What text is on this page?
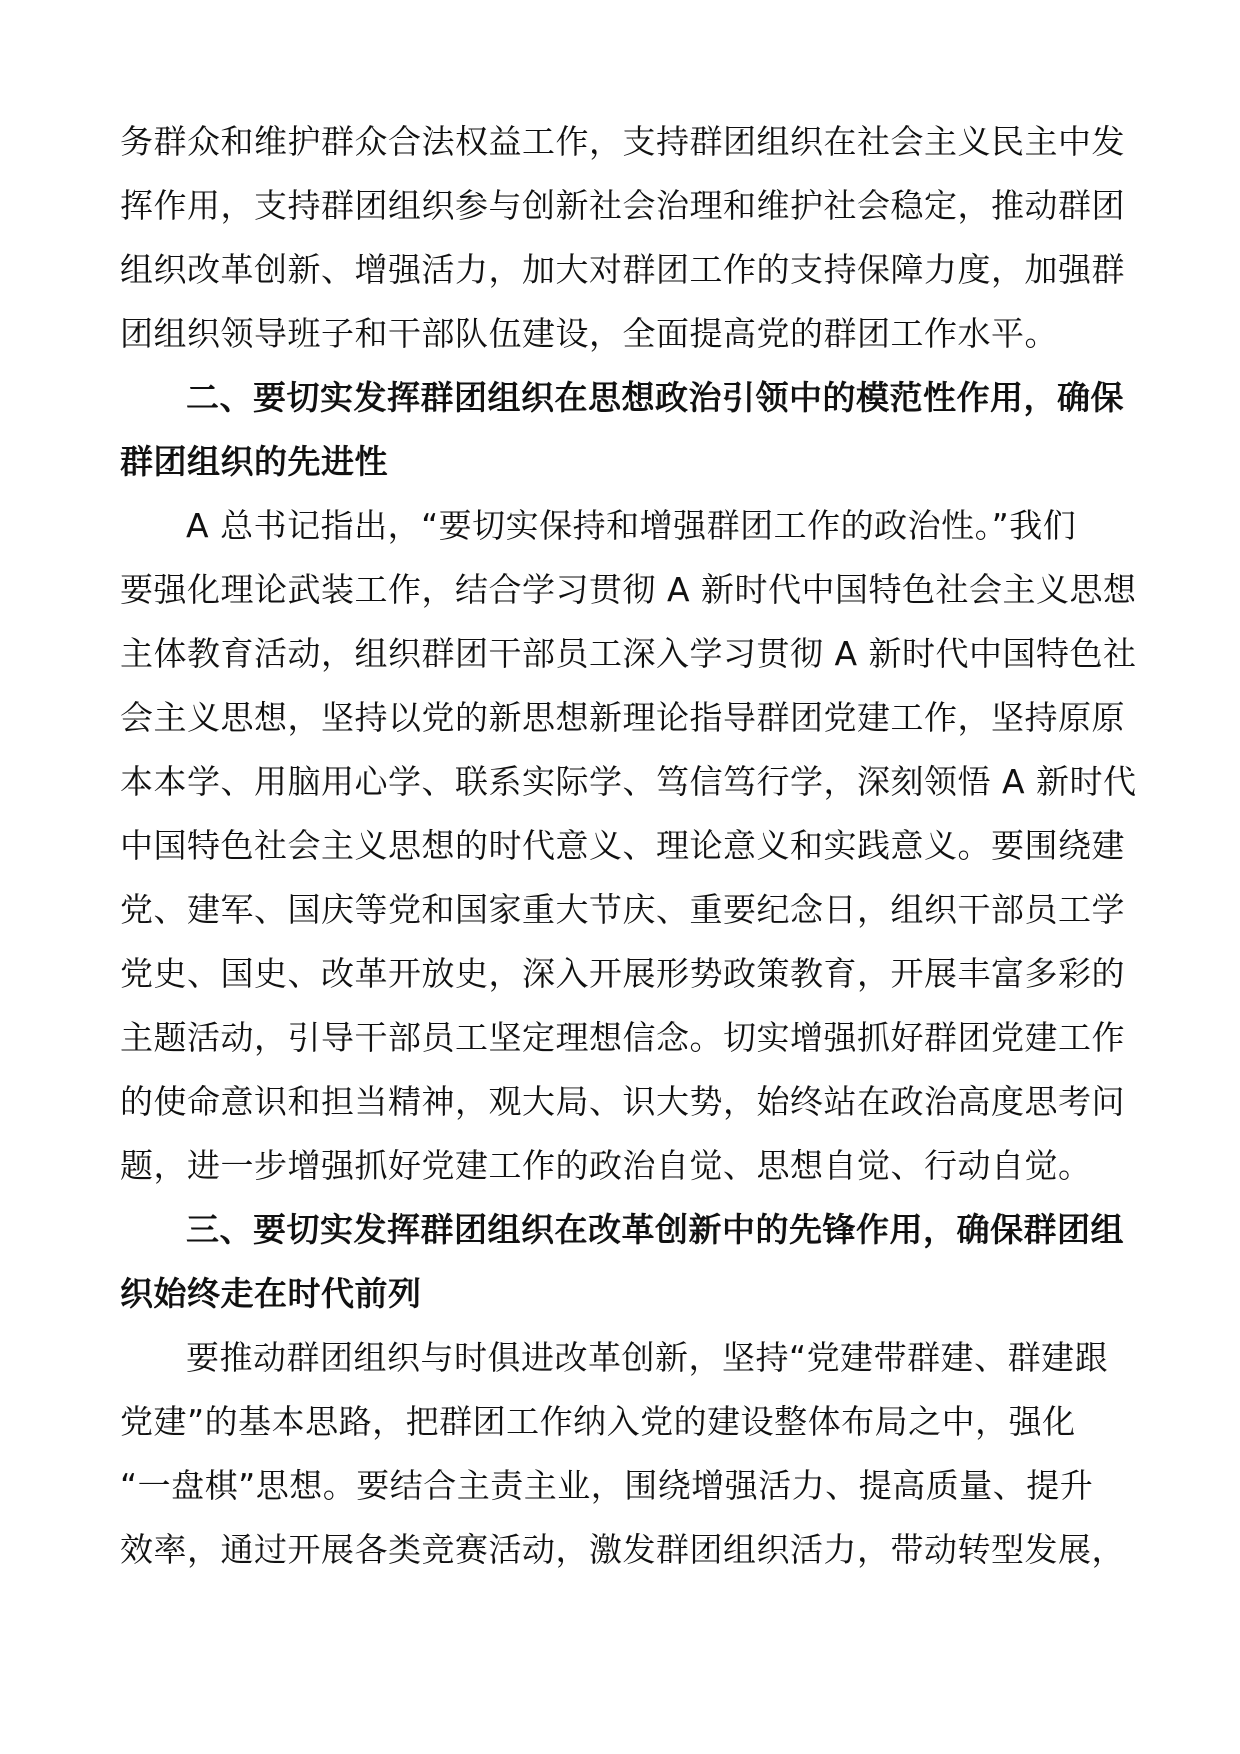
务群众和维护群众合法权益工作，支持群团组织在社会主义民主中发
挥作用，支持群团组织参与创新社会治理和维护社会稳定，推动群团
组织改革创新、增强活力，加大对群团工作的支持保障力度，加强群
团组织领导班子和干部队伍建设，全面提高党的群团工作水平。
二、要切实发挥群团组织在思想政治引领中的模范性作用，确保
群团组织的先进性
A 总书记指出，“要切实保持和增强群团工作的政治性。”我们
要强化理论武装工作，结合学习贯彻 A 新时代中国特色社会主义思想
主体教育活动，组织群团干部员工深入学习贯彻 A 新时代中国特色社
会主义思想，坚持以党的新思想新理论指导群团党建工作，坚持原原
本本学、用脑用心学、联系实际学、笃信笃行学，深刻领悟 A 新时代
中国特色社会主义思想的时代意义、理论意义和实践意义。要围绕建
党、建军、国庆等党和国家重大节庆、重要纪念日，组织干部员工学
党史、国史、改革开放史，深入开展形势政策教育，开展丰富多彩的
主题活动，引导干部员工坚定理想信念。切实增强抓好群团党建工作
的使命意识和担当精神，观大局、识大势，始终站在政治高度思考问
题，进一步增强抓好党建工作的政治自觉、思想自觉、行动自觉。
三、要切实发挥群团组织在改革创新中的先锋作用，确保群团组
织始终走在时代前列
要推动群团组织与时俱进改革创新，坚持“党建带群建、群建跟
党建”的基本思路，把群团工作纳入党的建设整体布局之中，强化
“一盘棋”思想。要结合主责主业，围绕增强活力、提高质量、提升
效率，通过开展各类竞赛活动，激发群团组织活力，带动转型发展，
